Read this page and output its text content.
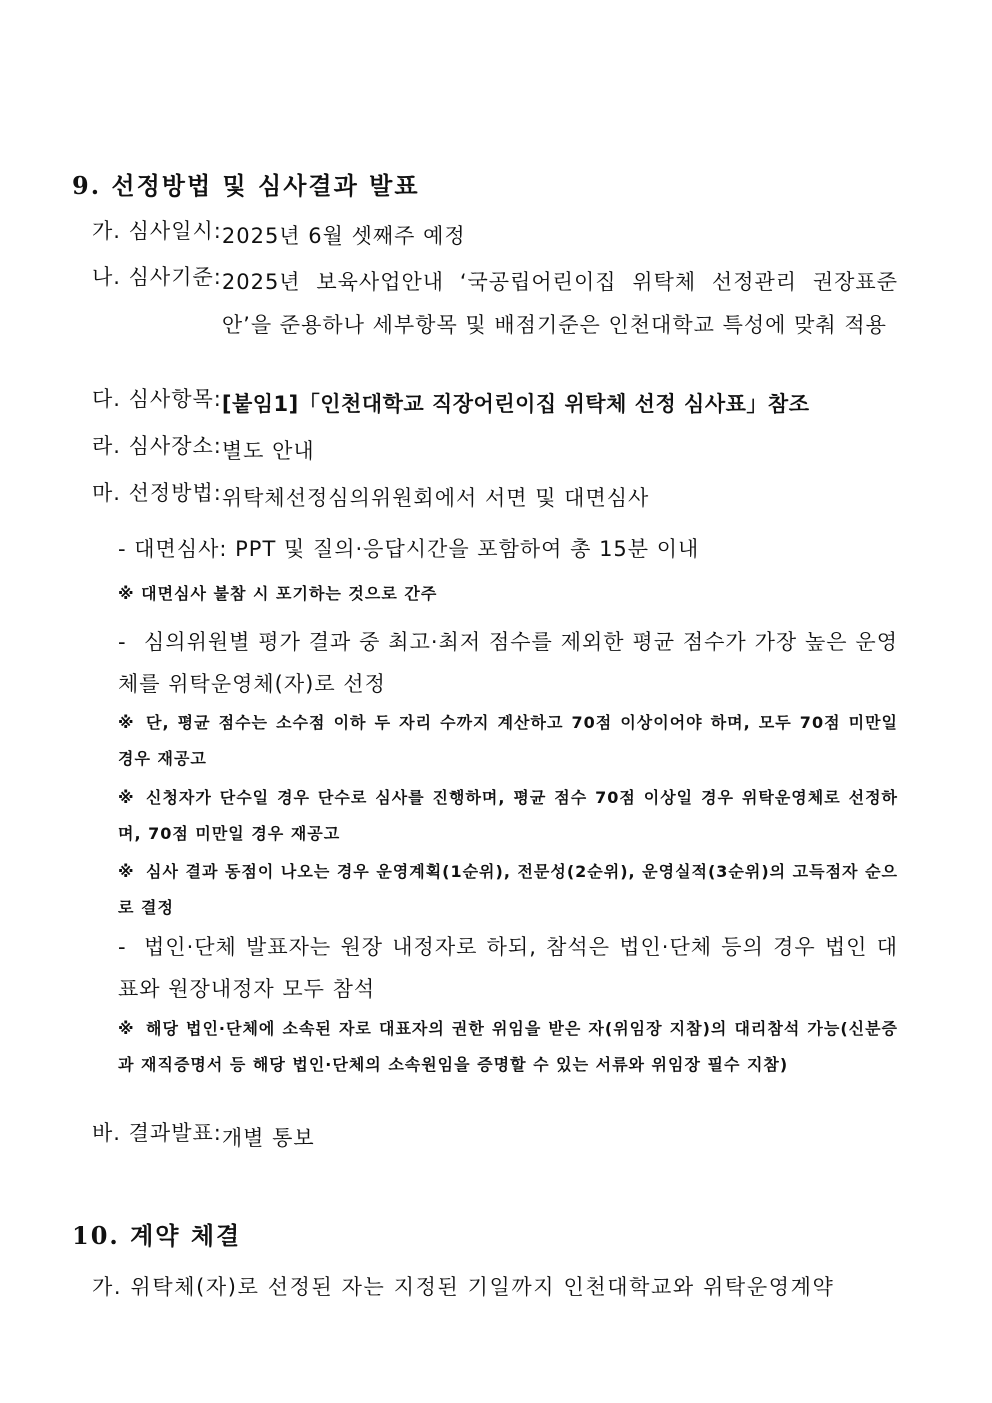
9. 선정방법 및 심사결과 발표
가. 심사일시: 2025년 6월 셋째주 예정
나. 심사기준: 2025년 보육사업안내 ‘국공립어린이집 위탁체 선정관리 권장표준안’을 준용하나 세부항목 및 배점기준은 인천대학교 특성에 맞춰 적용
다. 심사항목: [붙임1]「인천대학교 직장어린이집 위탁체 선정 심사표」참조
라. 심사장소: 별도 안내
마. 선정방법: 위탁체선정심의위원회에서 서면 및 대면심사
- 대면심사: PPT 및 질의·응답시간을 포함하여 총 15분 이내
※ 대면심사 불참 시 포기하는 것으로 간주
- 심의위원별 평가 결과 중 최고·최저 점수를 제외한 평균 점수가 가장 높은 운영체를 위탁운영체(자)로 선정
※ 단, 평균 점수는 소수점 이하 두 자리 수까지 계산하고 70점 이상이어야 하며, 모두 70점 미만일 경우 재공고
※ 신청자가 단수일 경우 단수로 심사를 진행하며, 평균 점수 70점 이상일 경우 위탁운영체로 선정하며, 70점 미만일 경우 재공고
※ 심사 결과 동점이 나오는 경우 운영계획(1순위), 전문성(2순위), 운영실적(3순위)의 고득점자 순으로 결정
- 법인·단체 발표자는 원장 내정자로 하되, 참석은 법인·단체 등의 경우 법인 대표와 원장내정자 모두 참석
※ 해당 법인·단체에 소속된 자로 대표자의 권한 위임을 받은 자(위임장 지참)의 대리참석 가능(신분증과 재직증명서 등 해당 법인·단체의 소속원임을 증명할 수 있는 서류와 위임장 필수 지참)
바. 결과발표: 개별 통보
10. 계약 체결
가. 위탁체(자)로 선정된 자는 지정된 기일까지 인천대학교와 위탁운영계약
